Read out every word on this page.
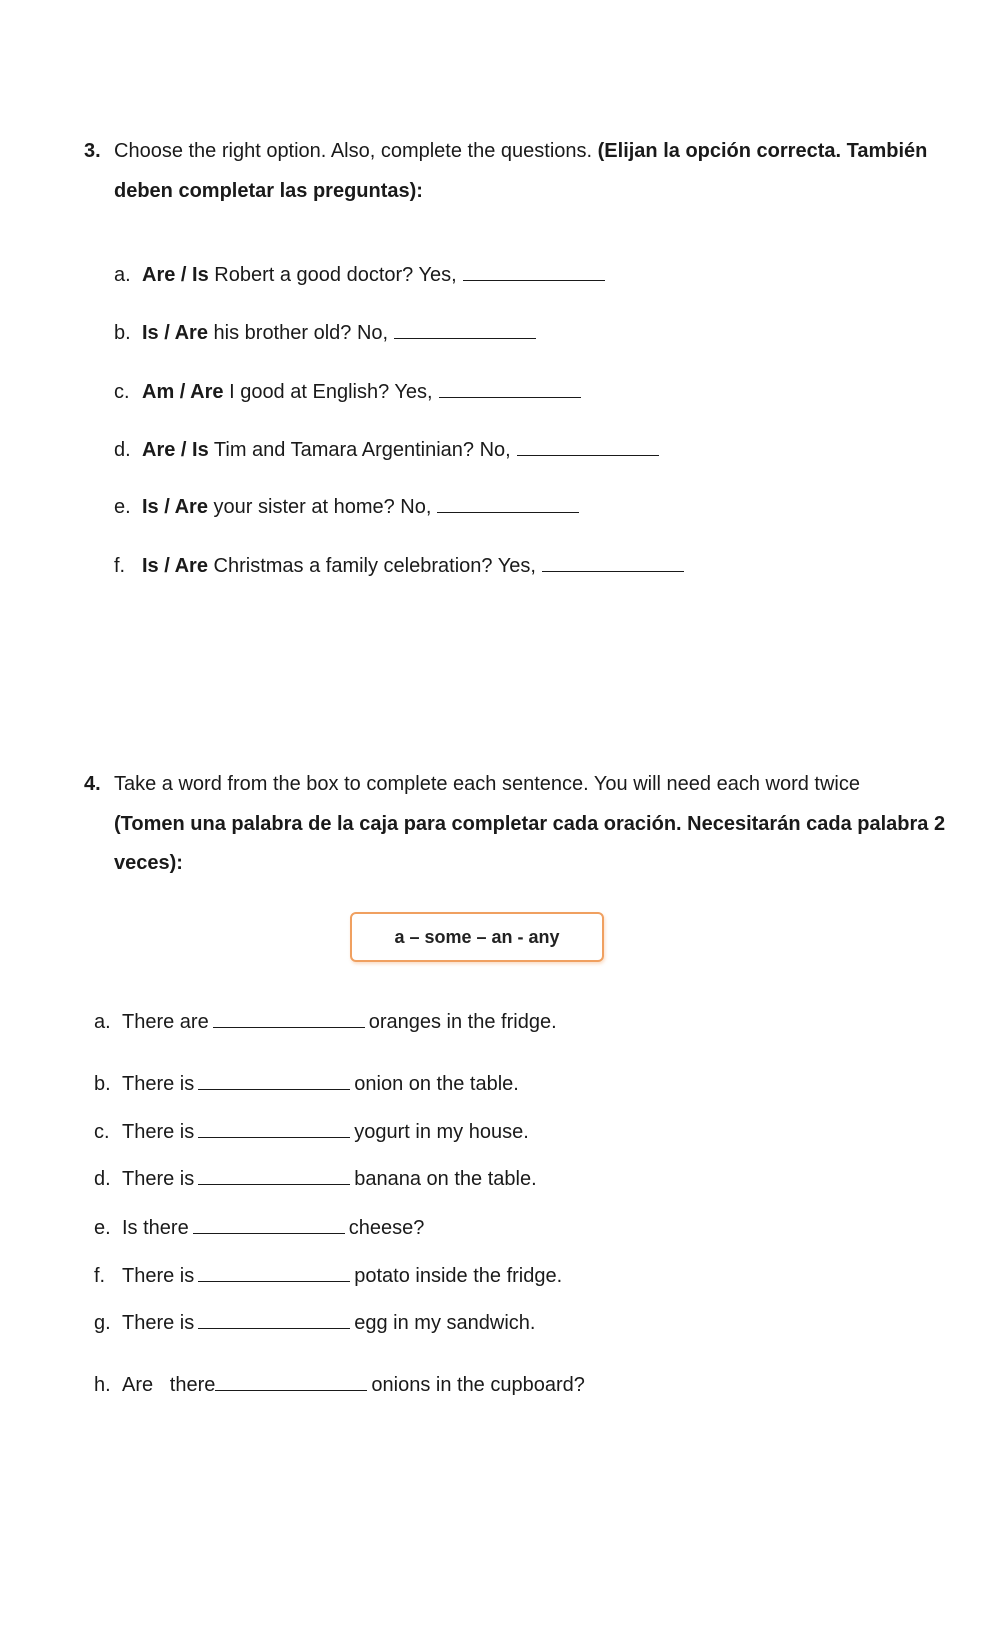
3. Choose the right option. Also, complete the questions. (Elijan la opción correcta. También
deben completar las preguntas):
a. Are / Is Robert a good doctor? Yes,
b. Is / Are his brother old? No,
c. Am / Are I good at English? Yes,
d. Are / Is Tim and Tamara Argentinian? No,
e. Is / Are your sister at home? No,
f. Is / Are Christmas a family celebration? Yes,
4. Take a word from the box to complete each sentence. You will need each word twice
(Tomen una palabra de la caja para completar cada oración. Necesitarán cada palabra 2
veces):
a – some – an - any
a. There are	oranges in the fridge.
b. There is	onion on the table.
c. There is	yogurt in my house.
d. There is	banana on the table.
e. Is there	cheese?
f. There is	potato inside the fridge.
g. There is	egg in my sandwich.
h. Are   there	onions in the cupboard?
